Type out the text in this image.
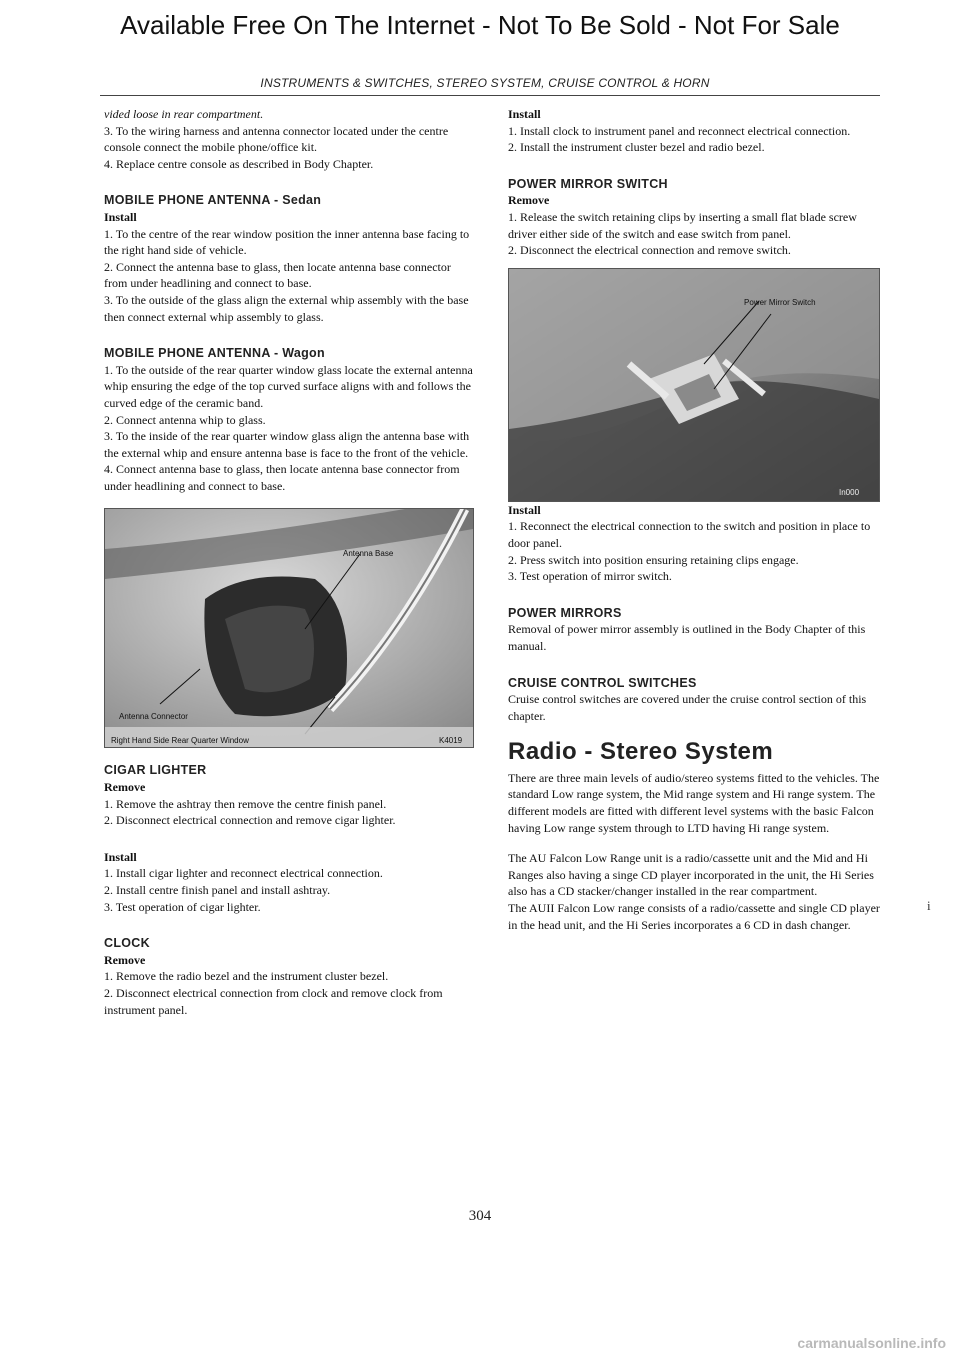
Available Free On The Internet - Not To Be Sold - Not For Sale
INSTRUMENTS & SWITCHES, STEREO SYSTEM, CRUISE CONTROL & HORN

vided loose in rear compartment.

3. To the wiring harness and antenna connector located under the centre console connect the mobile phone/office kit.

4. Replace centre console as described in Body Chapter.

MOBILE PHONE ANTENNA - Sedan

Install

1. To the centre of the rear window position the inner antenna base facing to the right hand side of vehicle.

2. Connect the antenna base to glass, then locate antenna base connector from under headlining and connect to base.

3. To the outside of the glass align the external whip assembly with the base then connect external whip assembly to glass.

MOBILE PHONE ANTENNA - Wagon

1. To the outside of the rear quarter window glass locate the external antenna whip ensuring the edge of the top curved surface aligns with and follows the curved edge of the ceramic band.

2. Connect antenna whip to glass.

3. To the inside of the rear quarter window glass align the antenna base with the external whip and ensure antenna base is face to the front of the vehicle.

4. Connect antenna base to glass, then locate antenna base connector from under headlining and connect to base.

Antenna Base
Antenna Connector
Right Hand Side Rear Quarter Window	K4019

CIGAR LIGHTER

Remove

1. Remove the ashtray then remove the centre finish panel.

2. Disconnect electrical connection and remove cigar lighter.

Install

1. Install cigar lighter and reconnect electrical connection.

2. Install centre finish panel and install ashtray.

3. Test operation of cigar lighter.

CLOCK

Remove

1. Remove the radio bezel and the instrument cluster bezel.

2. Disconnect electrical connection from clock and remove clock from instrument panel.

Install

1. Install clock to instrument panel and reconnect electrical connection.

2. Install the instrument cluster bezel and radio bezel.

POWER MIRROR SWITCH

Remove

1. Release the switch retaining clips by inserting a small flat blade screw driver either side of the switch and ease switch from panel.

2. Disconnect the electrical connection and remove switch.

Power Mirror Switch
In000

Install

1. Reconnect the electrical connection to the switch and position in place to door panel.

2. Press switch into position ensuring retaining clips engage.

3. Test operation of mirror switch.

POWER MIRRORS

Removal of power mirror assembly is outlined in the Body Chapter of this manual.

CRUISE CONTROL SWITCHES

Cruise control switches are covered under the cruise control section of this chapter.

Radio - Stereo System

There are three main levels of audio/stereo systems fitted to the vehicles. The standard Low range system, the Mid range system and Hi range system. The different models are fitted with different level systems with the basic Falcon having Low range system through to LTD having Hi range system.

The AU Falcon Low Range unit is a radio/cassette unit and the Mid and Hi Ranges also having a singe CD player incorporated in the unit, the Hi Series also has a CD stacker/changer installed in the rear compartment.

The AUII Falcon Low range consists of a radio/cassette and single CD player in the head unit, and the Hi Series incorporates a 6 CD in dash changer.

i
304
carmanualsonline.info
